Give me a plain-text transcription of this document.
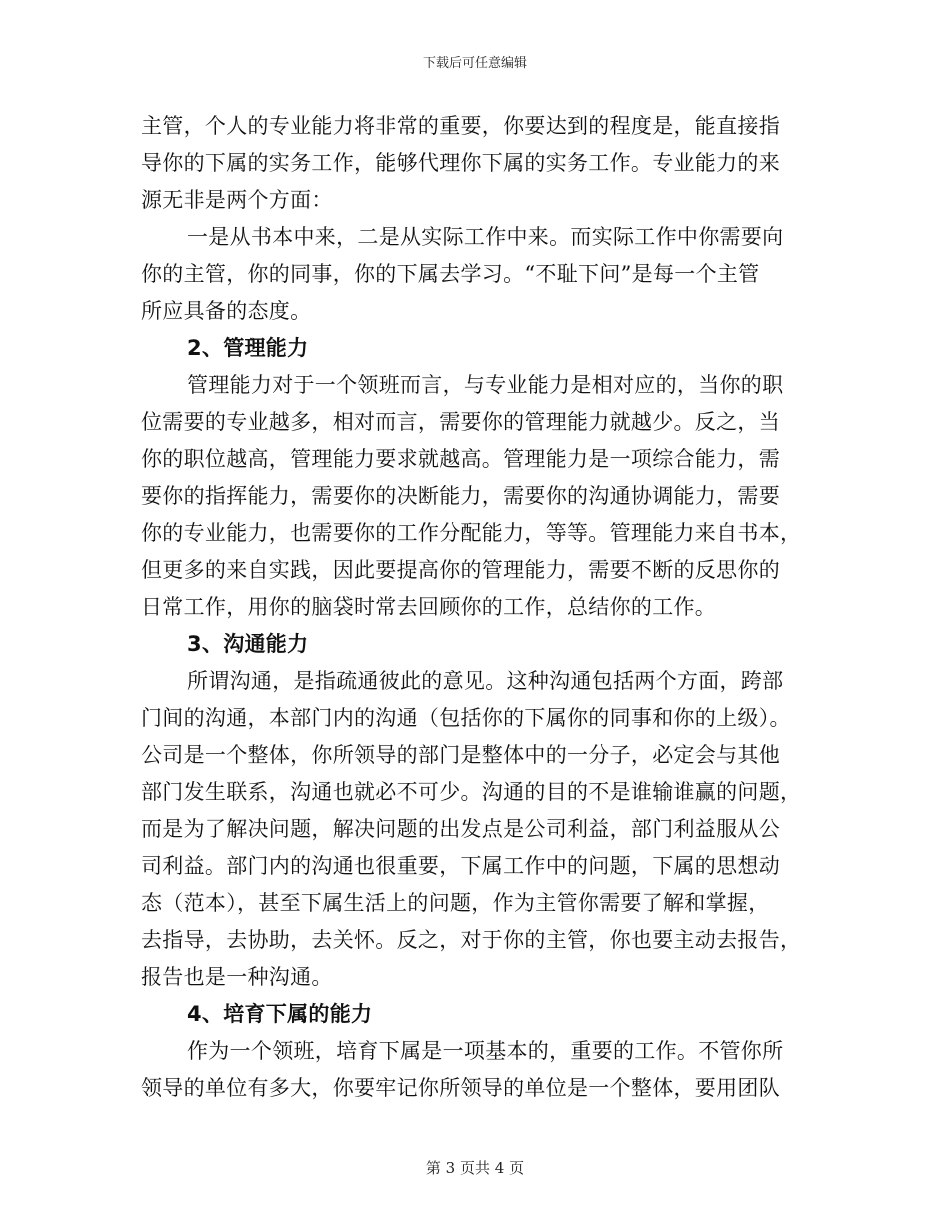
下载后可任意编辑
主管，个人的专业能力将非常的重要，你要达到的程度是，能直接指
导你的下属的实务工作，能够代理你下属的实务工作。专业能力的来
源无非是两个方面：
一是从书本中来，二是从实际工作中来。而实际工作中你需要向
你的主管，你的同事，你的下属去学习。“不耻下问”是每一个主管
所应具备的态度。
2、管理能力
管理能力对于一个领班而言，与专业能力是相对应的，当你的职
位需要的专业越多，相对而言，需要你的管理能力就越少。反之，当
你的职位越高，管理能力要求就越高。管理能力是一项综合能力，需
要你的指挥能力，需要你的决断能力，需要你的沟通协调能力，需要
你的专业能力，也需要你的工作分配能力，等等。管理能力来自书本，
但更多的来自实践，因此要提高你的管理能力，需要不断的反思你的
日常工作，用你的脑袋时常去回顾你的工作，总结你的工作。
3、沟通能力
所谓沟通，是指疏通彼此的意见。这种沟通包括两个方面，跨部
门间的沟通，本部门内的沟通（包括你的下属你的同事和你的上级）。
公司是一个整体，你所领导的部门是整体中的一分子，必定会与其他
部门发生联系，沟通也就必不可少。沟通的目的不是谁输谁赢的问题，
而是为了解决问题，解决问题的出发点是公司利益，部门利益服从公
司利益。部门内的沟通也很重要，下属工作中的问题，下属的思想动
态（范本），甚至下属生活上的问题，作为主管你需要了解和掌握，
去指导，去协助，去关怀。反之，对于你的主管，你也要主动去报告，
报告也是一种沟通。
4、培育下属的能力
作为一个领班，培育下属是一项基本的，重要的工作。不管你所
领导的单位有多大，你要牢记你所领导的单位是一个整体，要用团队
第 3 页共 4 页
